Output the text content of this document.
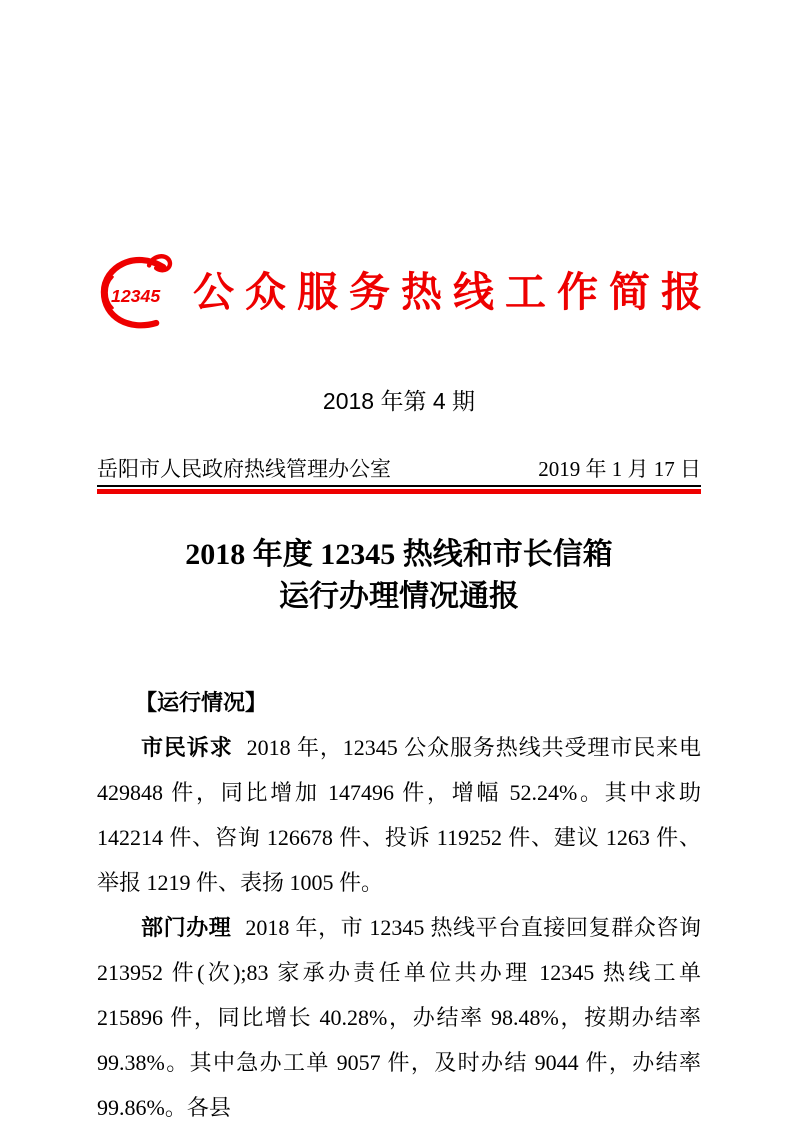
12345 公众服务热线工作简报
2018 年第 4 期
岳阳市人民政府热线管理办公室	2019 年 1 月 17 日
2018 年度 12345 热线和市长信箱
运行办理情况通报
【运行情况】

市民诉求 2018 年，12345 公众服务热线共受理市民来电 429848 件，同比增加 147496 件，增幅 52.24%。其中求助 142214 件、咨询 126678 件、投诉 119252 件、建议 1263 件、举报 1219 件、表扬 1005 件。

部门办理 2018 年，市 12345 热线平台直接回复群众咨询 213952 件(次);83 家承办责任单位共办理 12345 热线工单 215896 件，同比增长 40.28%，办结率 98.48%，按期办结率 99.38%。其中急办工单 9057 件，及时办结 9044 件，办结率 99.86%。各县
